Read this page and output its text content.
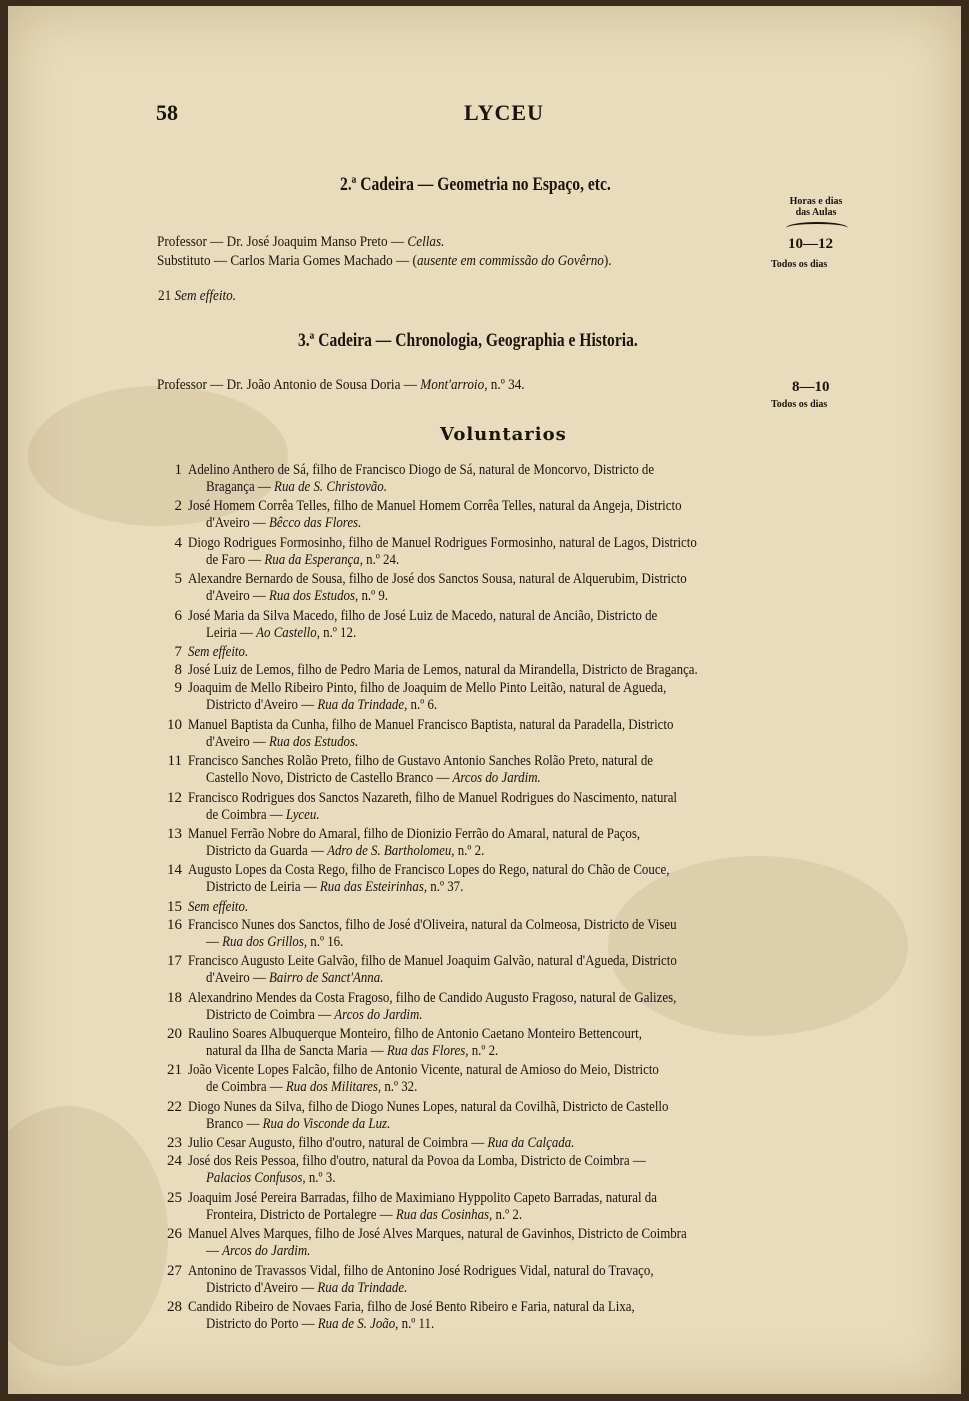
58	LYCEU
2.ª Cadeira — Geometria no Espaço, etc.
Horas e dias
das Aulas
Professor — Dr. José Joaquim Manso Preto — Cellas.	10—12
Substituto — Carlos Maria Gomes Machado — (ausente em commissão do Govêrno).	Todos os dias
21 Sem effeito.
3.ª Cadeira — Chronologia, Geographia e Historia.
Professor — Dr. João Antonio de Sousa Doria — Mont'arroio, n.º 34.	8—10
Todos os dias
Voluntarios
1 Adelino Anthero de Sá, filho de Francisco Diogo de Sá, natural de Moncorvo, Districto de
Bragança — Rua de S. Christovão.
2 José Homem Corrêa Telles, filho de Manuel Homem Corrêa Telles, natural da Angeja, Districto
d'Aveiro — Bêcco das Flores.
4 Diogo Rodrigues Formosinho, filho de Manuel Rodrigues Formosinho, natural de Lagos, Districto
de Faro — Rua da Esperança, n.º 24.
5 Alexandre Bernardo de Sousa, filho de José dos Sanctos Sousa, natural de Alquerubim, Districto
d'Aveiro — Rua dos Estudos, n.º 9.
6 José Maria da Silva Macedo, filho de José Luiz de Macedo, natural de Ancião, Districto de
Leiria — Ao Castello, n.º 12.
7 Sem effeito.
8 José Luiz de Lemos, filho de Pedro Maria de Lemos, natural da Mirandella, Districto de Bragança.
9 Joaquim de Mello Ribeiro Pinto, filho de Joaquim de Mello Pinto Leitão, natural de Agueda,
Districto d'Aveiro — Rua da Trindade, n.º 6.
10 Manuel Baptista da Cunha, filho de Manuel Francisco Baptista, natural da Paradella, Districto
d'Aveiro — Rua dos Estudos.
11 Francisco Sanches Rolão Preto, filho de Gustavo Antonio Sanches Rolão Preto, natural de
Castello Novo, Districto de Castello Branco — Arcos do Jardim.
12 Francisco Rodrigues dos Sanctos Nazareth, filho de Manuel Rodrigues do Nascimento, natural
de Coimbra — Lyceu.
13 Manuel Ferrão Nobre do Amaral, filho de Dionizio Ferrão do Amaral, natural de Paços,
Districto da Guarda — Adro de S. Bartholomeu, n.º 2.
14 Augusto Lopes da Costa Rego, filho de Francisco Lopes do Rego, natural do Chão de Couce,
Districto de Leiria — Rua das Esteirinhas, n.º 37.
15 Sem effeito.
16 Francisco Nunes dos Sanctos, filho de José d'Oliveira, natural da Colmeosa, Districto de Viseu
— Rua dos Grillos, n.º 16.
17 Francisco Augusto Leite Galvão, filho de Manuel Joaquim Galvão, natural d'Agueda, Districto
d'Aveiro — Bairro de Sanct'Anna.
18 Alexandrino Mendes da Costa Fragoso, filho de Candido Augusto Fragoso, natural de Galizes,
Districto de Coimbra — Arcos do Jardim.
20 Raulino Soares Albuquerque Monteiro, filho de Antonio Caetano Monteiro Bettencourt,
natural da Ilha de Sancta Maria — Rua das Flores, n.º 2.
21 João Vicente Lopes Falcão, filho de Antonio Vicente, natural de Amioso do Meio, Districto
de Coimbra — Rua dos Militares, n.º 32.
22 Diogo Nunes da Silva, filho de Diogo Nunes Lopes, natural da Covilhã, Districto de Castello
Branco — Rua do Visconde da Luz.
23 Julio Cesar Augusto, filho d'outro, natural de Coimbra — Rua da Calçada.
24 José dos Reis Pessoa, filho d'outro, natural da Povoa da Lomba, Districto de Coimbra —
Palacios Confusos, n.º 3.
25 Joaquim José Pereira Barradas, filho de Maximiano Hyppolito Capeto Barradas, natural da
Fronteira, Districto de Portalegre — Rua das Cosinhas, n.º 2.
26 Manuel Alves Marques, filho de José Alves Marques, natural de Gavinhos, Districto de Coimbra
— Arcos do Jardim.
27 Antonino de Travassos Vidal, filho de Antonino José Rodrigues Vidal, natural do Travaço,
Districto d'Aveiro — Rua da Trindade.
28 Candido Ribeiro de Novaes Faria, filho de José Bento Ribeiro e Faria, natural da Lixa,
Districto do Porto — Rua de S. João, n.º 11.
